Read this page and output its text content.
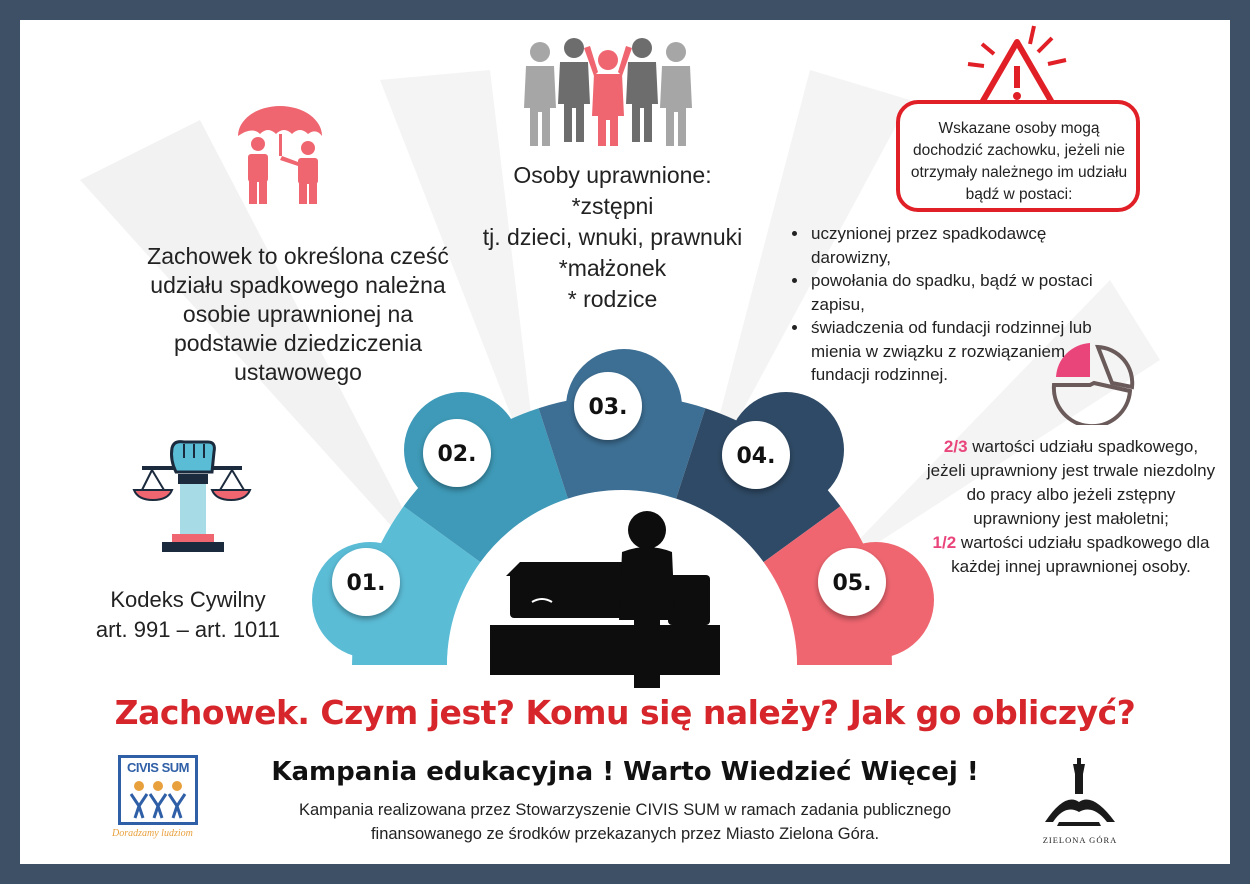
01.
02.
03.
04.
05.
Wskazane osoby mogą dochodzić zachowku, jeżeli nie otrzymały należnego im udziału bądź w postaci:
Zachowek to określona cześć udziału spadkowego należna osobie uprawnionej na podstawie dziedziczenia ustawowego
Osoby uprawnione:
*zstępni
tj. dzieci, wnuki, prawnuki
*małżonek
* rodzice
• uczynionej przez spadkodawcę darowizny,
• powołania do spadku, bądź w postaci zapisu,
• świadczenia od fundacji rodzinnej lub mienia w związku z rozwiązaniem fundacji rodzinnej.
2/3 wartości udziału spadkowego, jeżeli uprawniony jest trwale niezdolny do pracy albo jeżeli zstępny uprawniony jest małoletni;
1/2 wartości udziału spadkowego dla każdej innej uprawnionej osoby.
Kodeks Cywilny
art. 991 – art. 1011
Zachowek. Czym jest? Komu się należy? Jak go obliczyć?
Kampania edukacyjna ! Warto Wiedzieć Więcej !
Kampania realizowana przez Stowarzyszenie CIVIS SUM w ramach zadania publicznego
finansowanego ze środków przekazanych przez Miasto Zielona Góra.
CIVIS SUM
Doradzamy ludziom
ZIELONA GÓRA
